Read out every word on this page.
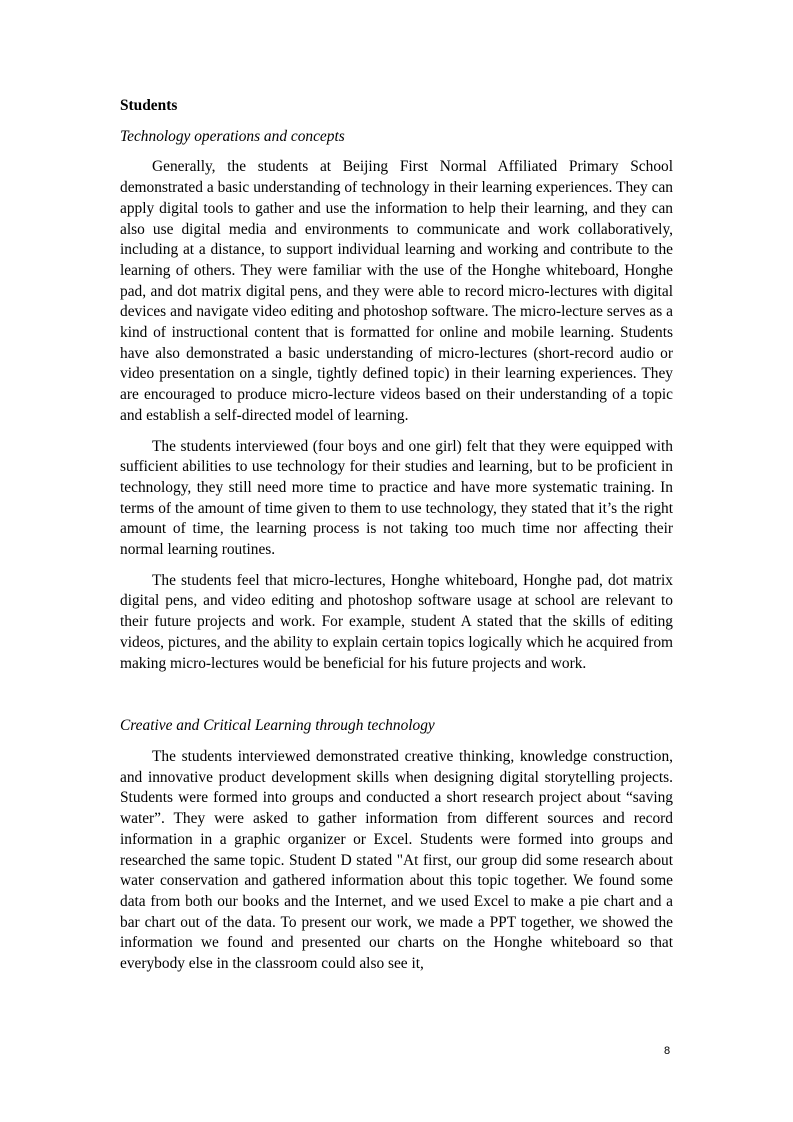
Students
Technology operations and concepts

Generally, the students at Beijing First Normal Affiliated Primary School demonstrated a basic understanding of technology in their learning experiences. They can apply digital tools to gather and use the information to help their learning, and they can also use digital media and environments to communicate and work collaboratively, including at a distance, to support individual learning and working and contribute to the learning of others. They were familiar with the use of the Honghe whiteboard, Honghe pad, and dot matrix digital pens, and they were able to record micro-lectures with digital devices and navigate video editing and photoshop software. The micro-lecture serves as a kind of instructional content that is formatted for online and mobile learning. Students have also demonstrated a basic understanding of micro-lectures (short-record audio or video presentation on a single, tightly defined topic) in their learning experiences. They are encouraged to produce micro-lecture videos based on their understanding of a topic and establish a self-directed model of learning.

The students interviewed (four boys and one girl) felt that they were equipped with sufficient abilities to use technology for their studies and learning, but to be proficient in technology, they still need more time to practice and have more systematic training. In terms of the amount of time given to them to use technology, they stated that it’s the right amount of time, the learning process is not taking too much time nor affecting their normal learning routines.

The students feel that micro-lectures, Honghe whiteboard, Honghe pad, dot matrix digital pens, and video editing and photoshop software usage at school are relevant to their future projects and work. For example, student A stated that the skills of editing videos, pictures, and the ability to explain certain topics logically which he acquired from making micro-lectures would be beneficial for his future projects and work.

Creative and Critical Learning through technology

The students interviewed demonstrated creative thinking, knowledge construction, and innovative product development skills when designing digital storytelling projects. Students were formed into groups and conducted a short research project about “saving water”. They were asked to gather information from different sources and record information in a graphic organizer or Excel. Students were formed into groups and researched the same topic. Student D stated "At first, our group did some research about water conservation and gathered information about this topic together. We found some data from both our books and the Internet, and we used Excel to make a pie chart and a bar chart out of the data. To present our work, we made a PPT together, we showed the information we found and presented our charts on the Honghe whiteboard so that everybody else in the classroom could also see it,

8
